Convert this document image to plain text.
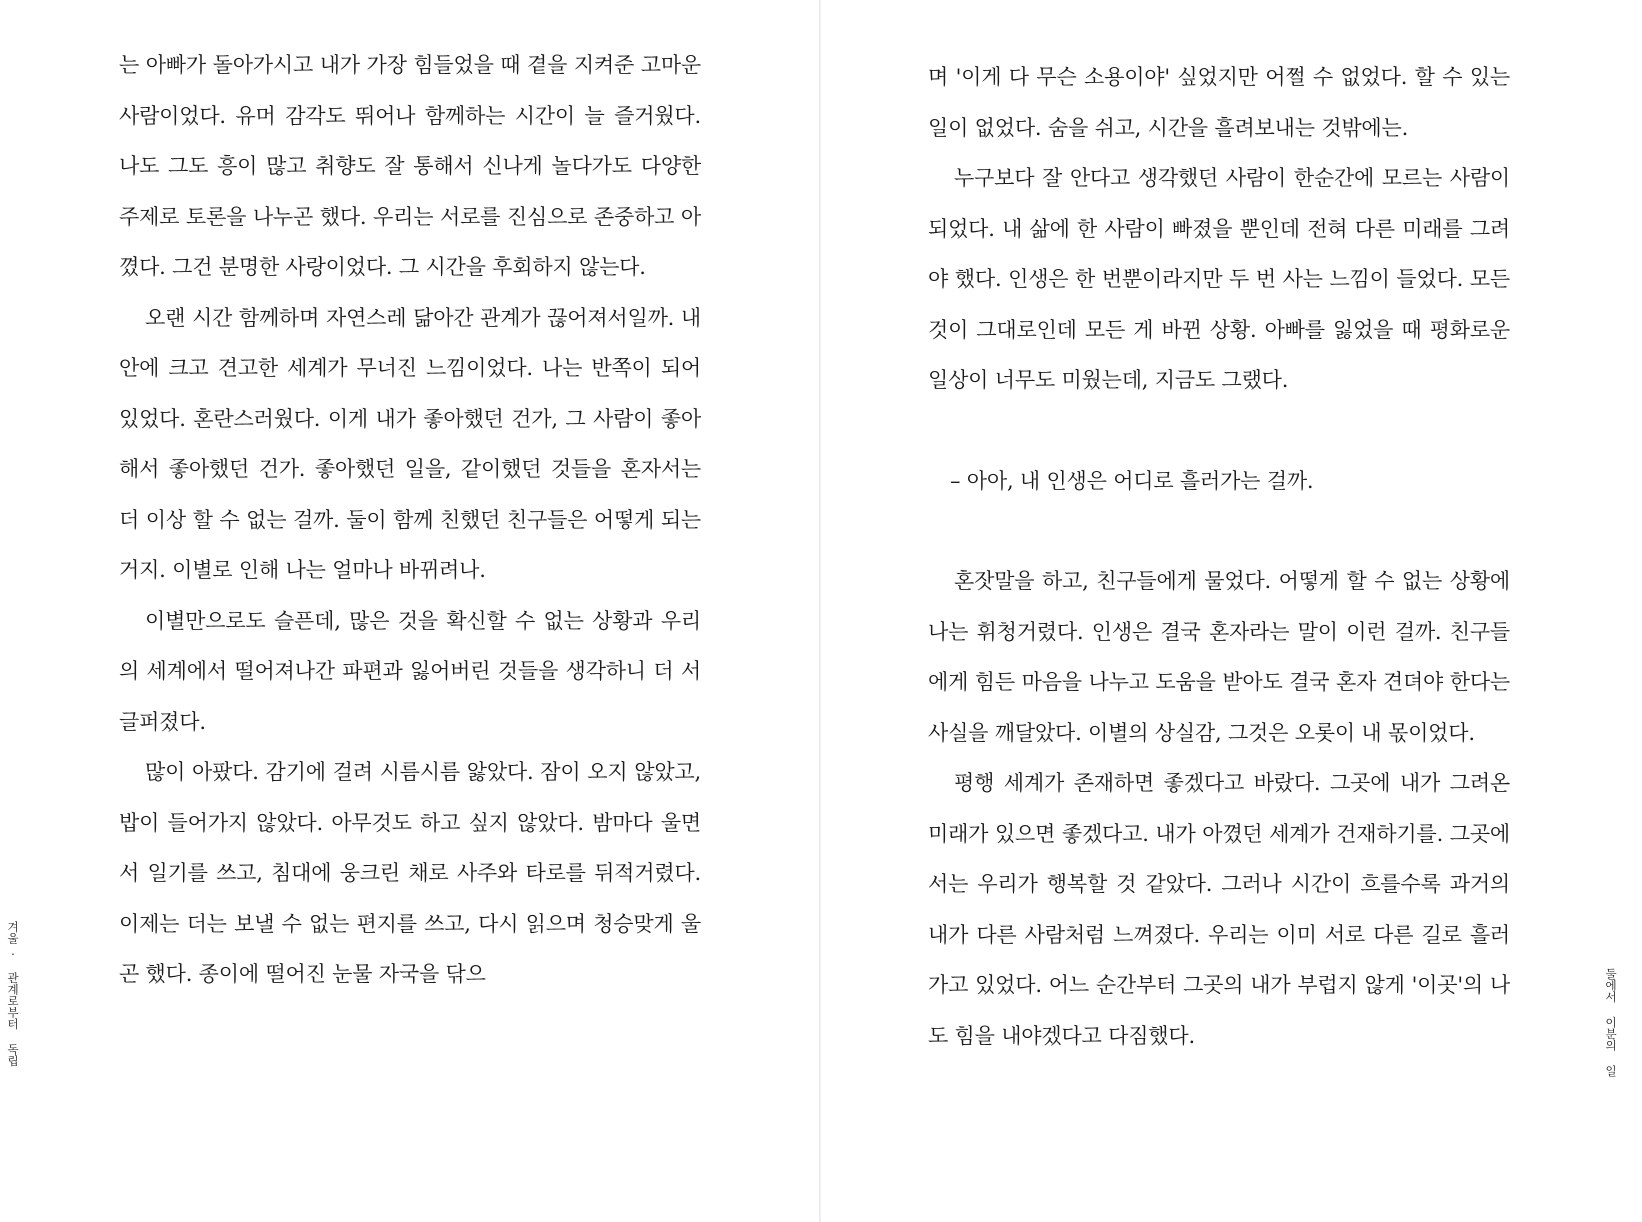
는 아빠가 돌아가시고 내가 가장 힘들었을 때 곁을 지켜준 고마운 사람이었다. 유머 감각도 뛰어나 함께하는 시간이 늘 즐거웠다. 나도 그도 흥이 많고 취향도 잘 통해서 신나게 놀다가도 다양한 주제로 토론을 나누곤 했다. 우리는 서로를 진심으로 존중하고 아꼈다. 그건 분명한 사랑이었다. 그 시간을 후회하지 않는다.

오랜 시간 함께하며 자연스레 닮아간 관계가 끊어져서일까. 내 안에 크고 견고한 세계가 무너진 느낌이었다. 나는 반쪽이 되어 있었다. 혼란스러웠다. 이게 내가 좋아했던 건가, 그 사람이 좋아해서 좋아했던 건가. 좋아했던 일을, 같이했던 것들을 혼자서는 더 이상 할 수 없는 걸까. 둘이 함께 친했던 친구들은 어떻게 되는 거지. 이별로 인해 나는 얼마나 바뀌려나.

이별만으로도 슬픈데, 많은 것을 확신할 수 없는 상황과 우리의 세계에서 떨어져나간 파편과 잃어버린 것들을 생각하니 더 서글퍼졌다.

많이 아팠다. 감기에 걸려 시름시름 앓았다. 잠이 오지 않았고, 밥이 들어가지 않았다. 아무것도 하고 싶지 않았다. 밤마다 울면서 일기를 쓰고, 침대에 웅크린 채로 사주와 타로를 뒤적거렸다. 이제는 더는 보낼 수 없는 편지를 쓰고, 다시 읽으며 청승맞게 울곤 했다. 종이에 떨어진 눈물 자국을 닦으

겨울. 관계로부터 독립

며 '이게 다 무슨 소용이야' 싶었지만 어쩔 수 없었다. 할 수 있는 일이 없었다. 숨을 쉬고, 시간을 흘려보내는 것밖에는.

누구보다 잘 안다고 생각했던 사람이 한순간에 모르는 사람이 되었다. 내 삶에 한 사람이 빠졌을 뿐인데 전혀 다른 미래를 그려야 했다. 인생은 한 번뿐이라지만 두 번 사는 느낌이 들었다. 모든 것이 그대로인데 모든 게 바뀐 상황. 아빠를 잃었을 때 평화로운 일상이 너무도 미웠는데, 지금도 그랬다.

– 아아, 내 인생은 어디로 흘러가는 걸까.

혼잣말을 하고, 친구들에게 물었다. 어떻게 할 수 없는 상황에 나는 휘청거렸다. 인생은 결국 혼자라는 말이 이런 걸까. 친구들에게 힘든 마음을 나누고 도움을 받아도 결국 혼자 견뎌야 한다는 사실을 깨달았다. 이별의 상실감, 그것은 오롯이 내 몫이었다.

평행 세계가 존재하면 좋겠다고 바랐다. 그곳에 내가 그려온 미래가 있으면 좋겠다고. 내가 아꼈던 세계가 건재하기를. 그곳에서는 우리가 행복할 것 같았다. 그러나 시간이 흐를수록 과거의 내가 다른 사람처럼 느껴졌다. 우리는 이미 서로 다른 길로 흘러가고 있었다. 어느 순간부터 그곳의 내가 부럽지 않게 '이곳'의 나도 힘을 내야겠다고 다짐했다.	둘에서 이분의 일
